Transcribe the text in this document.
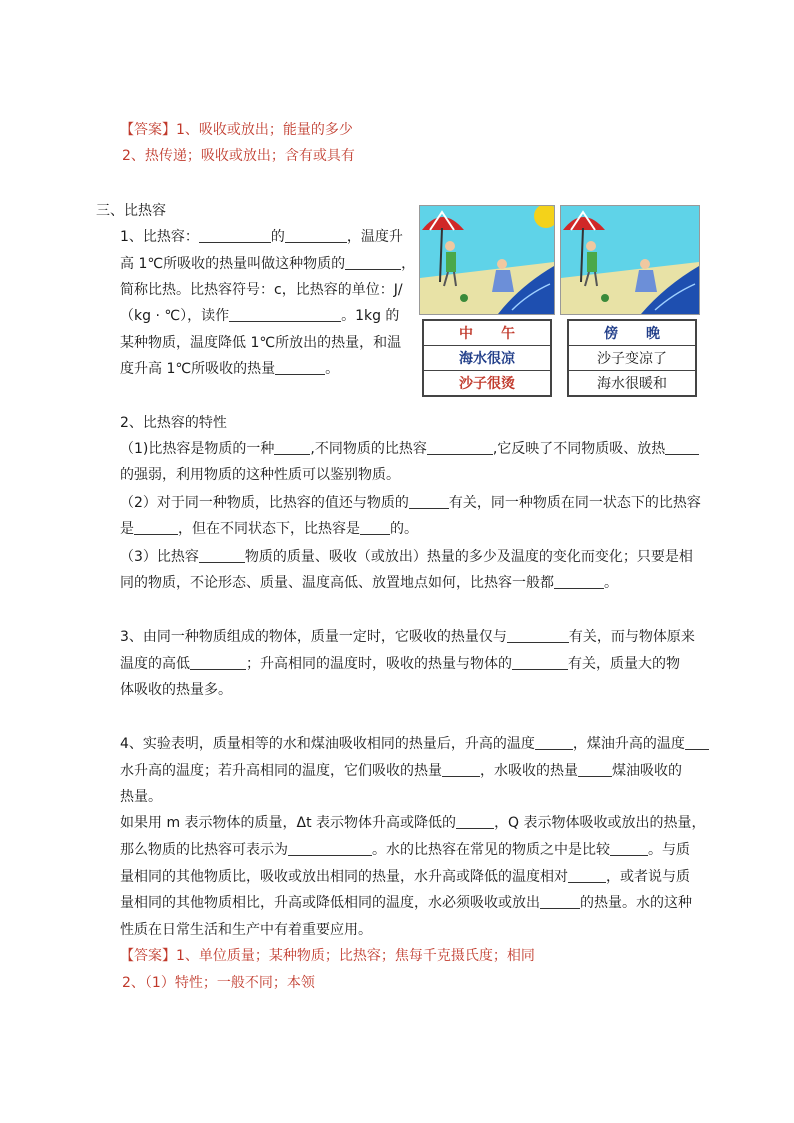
【答案】1、吸收或放出；能量的多少
2、热传递；吸收或放出；含有或具有
三、比热容
1、比热容：	的	，温度升
高 1℃所吸收的热量叫做这种物质的	，
简称比热。比热容符号：c，比热容的单位：J/
（kg · ℃），读作	。1kg 的
某种物质，温度降低 1℃所放出的热量，和温
度升高 1℃所吸收的热量	。
中　　午
海水很凉
沙子很烫
傍　　晚
沙子变凉了
海水很暖和
2、比热容的特性
（1)比热容是物质的一种	,不同物质的比热容	,它反映了不同物质吸、放热
的强弱，利用物质的这种性质可以鉴别物质。
（2）对于同一种物质，比热容的值还与物质的	有关，同一种物质在同一状态下的比热容
是	，但在不同状态下，比热容是 的。
（3）比热容	物质的质量、吸收（或放出）热量的多少及温度的变化而变化；只要是相
同的物质，不论形态、质量、温度高低、放置地点如何，比热容一般都	。
3、由同一种物质组成的物体，质量一定时，它吸收的热量仅与	有关，而与物体原来
温度的高低	；升高相同的温度时，吸收的热量与物体的	有关，质量大的物
体吸收的热量多。
4、实验表明，质量相等的水和煤油吸收相同的热量后，升高的温度	，煤油升高的温度
水升高的温度；若升高相同的温度，它们吸收的热量	，水吸收的热量 煤油吸收的
热量。
如果用 m 表示物体的质量，Δt 表示物体升高或降低的	，Q 表示物体吸收或放出的热量，
那么物质的比热容可表示为	。水的比热容在常见的物质之中是比较	。与质
量相同的其他物质比，吸收或放出相同的热量，水升高或降低的温度相对	，或者说与质
量相同的其他物质相比，升高或降低相同的温度，水必须吸收或放出	的热量。水的这种
性质在日常生活和生产中有着重要应用。
【答案】1、单位质量；某种物质；比热容；焦每千克摄氏度；相同
2、（1）特性；一般不同；本领
